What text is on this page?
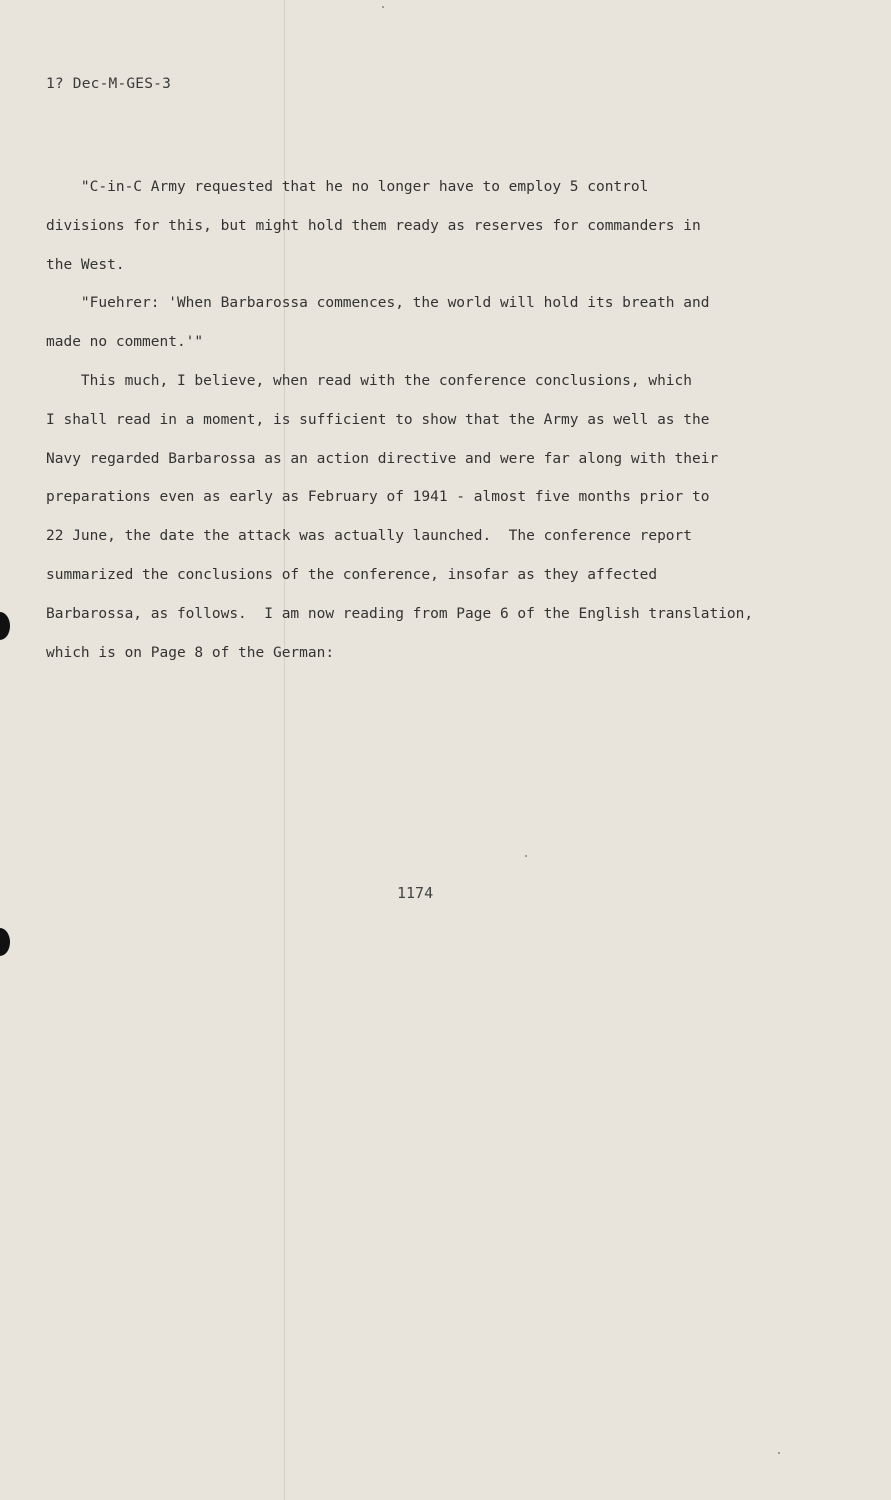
1? Dec-M-GES-3
"C-in-C Army requested that he no longer have to employ 5 control
divisions for this, but might hold them ready as reserves for commanders in
the West.
"Fuehrer: 'When Barbarossa commences, the world will hold its breath and
made no comment.'"
This much, I believe, when read with the conference conclusions, which
I shall read in a moment, is sufficient to show that the Army as well as the
Navy regarded Barbarossa as an action directive and were far along with their
preparations even as early as February of 1941 - almost five months prior to
22 June, the date the attack was actually launched.  The conference report
summarized the conclusions of the conference, insofar as they affected
Barbarossa, as follows.  I am now reading from Page 6 of the English translation,
which is on Page 8 of the German:
1174
